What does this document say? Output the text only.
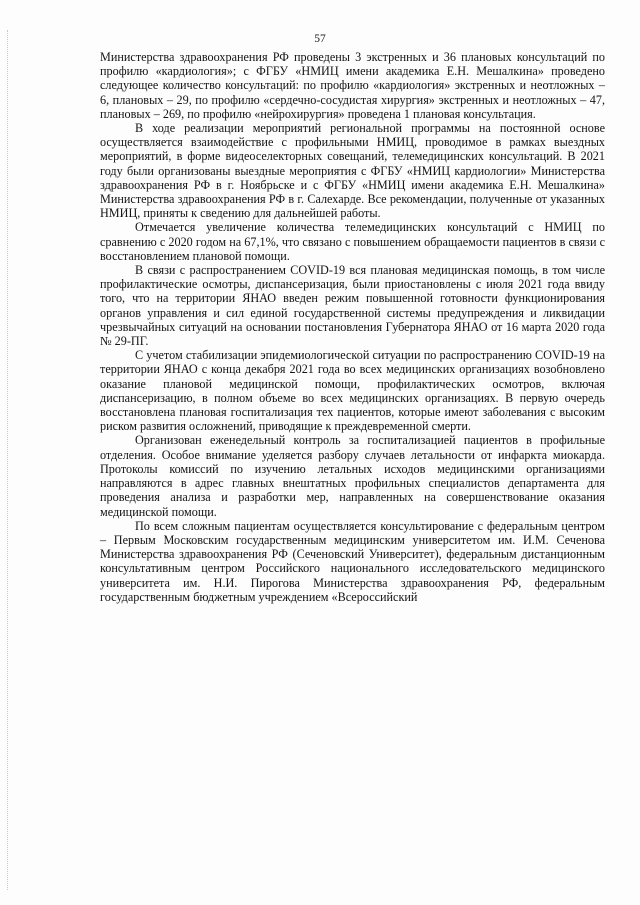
57

Министерства здравоохранения РФ проведены 3 экстренных и 36 плановых консультаций по профилю «кардиология»; с ФГБУ «НМИЦ имени академика Е.Н. Мешалкина» проведено следующее количество консультаций: по профилю «кардиология» экстренных и неотложных – 6, плановых – 29, по профилю «сердечно-сосудистая хирургия» экстренных и неотложных – 47, плановых – 269, по профилю «нейрохирургия» проведена 1 плановая консультация.

В ходе реализации мероприятий региональной программы на постоянной основе осуществляется взаимодействие с профильными НМИЦ, проводимое в рамках выездных мероприятий, в форме видеоселекторных совещаний, телемедицинских консультаций. В 2021 году были организованы выездные мероприятия с ФГБУ «НМИЦ кардиологии» Министерства здравоохранения РФ в г. Ноябрьске и с ФГБУ «НМИЦ имени академика Е.Н. Мешалкина» Министерства здравоохранения РФ в г. Салехарде. Все рекомендации, полученные от указанных НМИЦ, приняты к сведению для дальнейшей работы.

Отмечается увеличение количества телемедицинских консультаций с НМИЦ по сравнению с 2020 годом на 67,1%, что связано с повышением обращаемости пациентов в связи с восстановлением плановой помощи.

В связи с распространением COVID-19 вся плановая медицинская помощь, в том числе профилактические осмотры, диспансеризация, были приостановлены с июля 2021 года ввиду того, что на территории ЯНАО введен режим повышенной готовности функционирования органов управления и сил единой государственной системы предупреждения и ликвидации чрезвычайных ситуаций на основании постановления Губернатора ЯНАО от 16 марта 2020 года № 29-ПГ.

С учетом стабилизации эпидемиологической ситуации по распространению COVID-19 на территории ЯНАО с конца декабря 2021 года во всех медицинских организациях возобновлено оказание плановой медицинской помощи, профилактических осмотров, включая диспансеризацию, в полном объеме во всех медицинских организациях. В первую очередь восстановлена плановая госпитализация тех пациентов, которые имеют заболевания с высоким риском развития осложнений, приводящие к преждевременной смерти.

Организован еженедельный контроль за госпитализацией пациентов в профильные отделения. Особое внимание уделяется разбору случаев летальности от инфаркта миокарда. Протоколы комиссий по изучению летальных исходов медицинскими организациями направляются в адрес главных внештатных профильных специалистов департамента для проведения анализа и разработки мер, направленных на совершенствование оказания медицинской помощи.

По всем сложным пациентам осуществляется консультирование с федеральным центром – Первым Московским государственным медицинским университетом им. И.М. Сеченова Министерства здравоохранения РФ (Сеченовский Университет), федеральным дистанционным консультативным центром Российского национального исследовательского медицинского университета им. Н.И. Пирогова Министерства здравоохранения РФ, федеральным государственным бюджетным учреждением «Всероссийский
